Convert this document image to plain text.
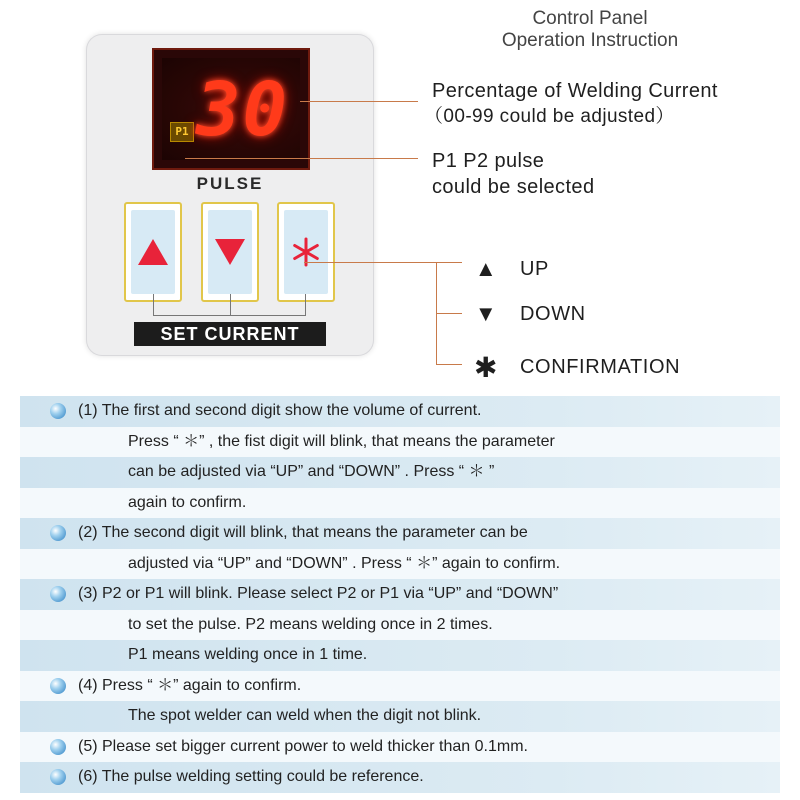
Control Panel
Operation Instruction
P1 30
PULSE
SET CURRENT
Percentage of Welding Current
（00-99 could be adjusted）
P1 P2 pulse
could be selected
▲	UP
▼	DOWN
✱ CONFIRMATION
(1) The first and second digit show the volume of current.
Press “ ＊” , the fist digit will blink, that means the parameter
can be adjusted via “UP” and “DOWN” . Press “ ＊ ”
again to confirm.
(2) The second digit will blink, that means the parameter can be
adjusted via “UP” and “DOWN” . Press “ ＊” again to confirm.
(3) P2 or P1 will blink. Please select P2 or P1 via “UP” and “DOWN”
to set the pulse. P2 means welding once in 2 times.
P1 means welding once in 1 time.
(4) Press “ ＊” again to confirm.
The spot welder can weld when the digit not blink.
(5) Please set bigger current power to weld thicker than 0.1mm.
(6) The pulse welding setting could be reference.
